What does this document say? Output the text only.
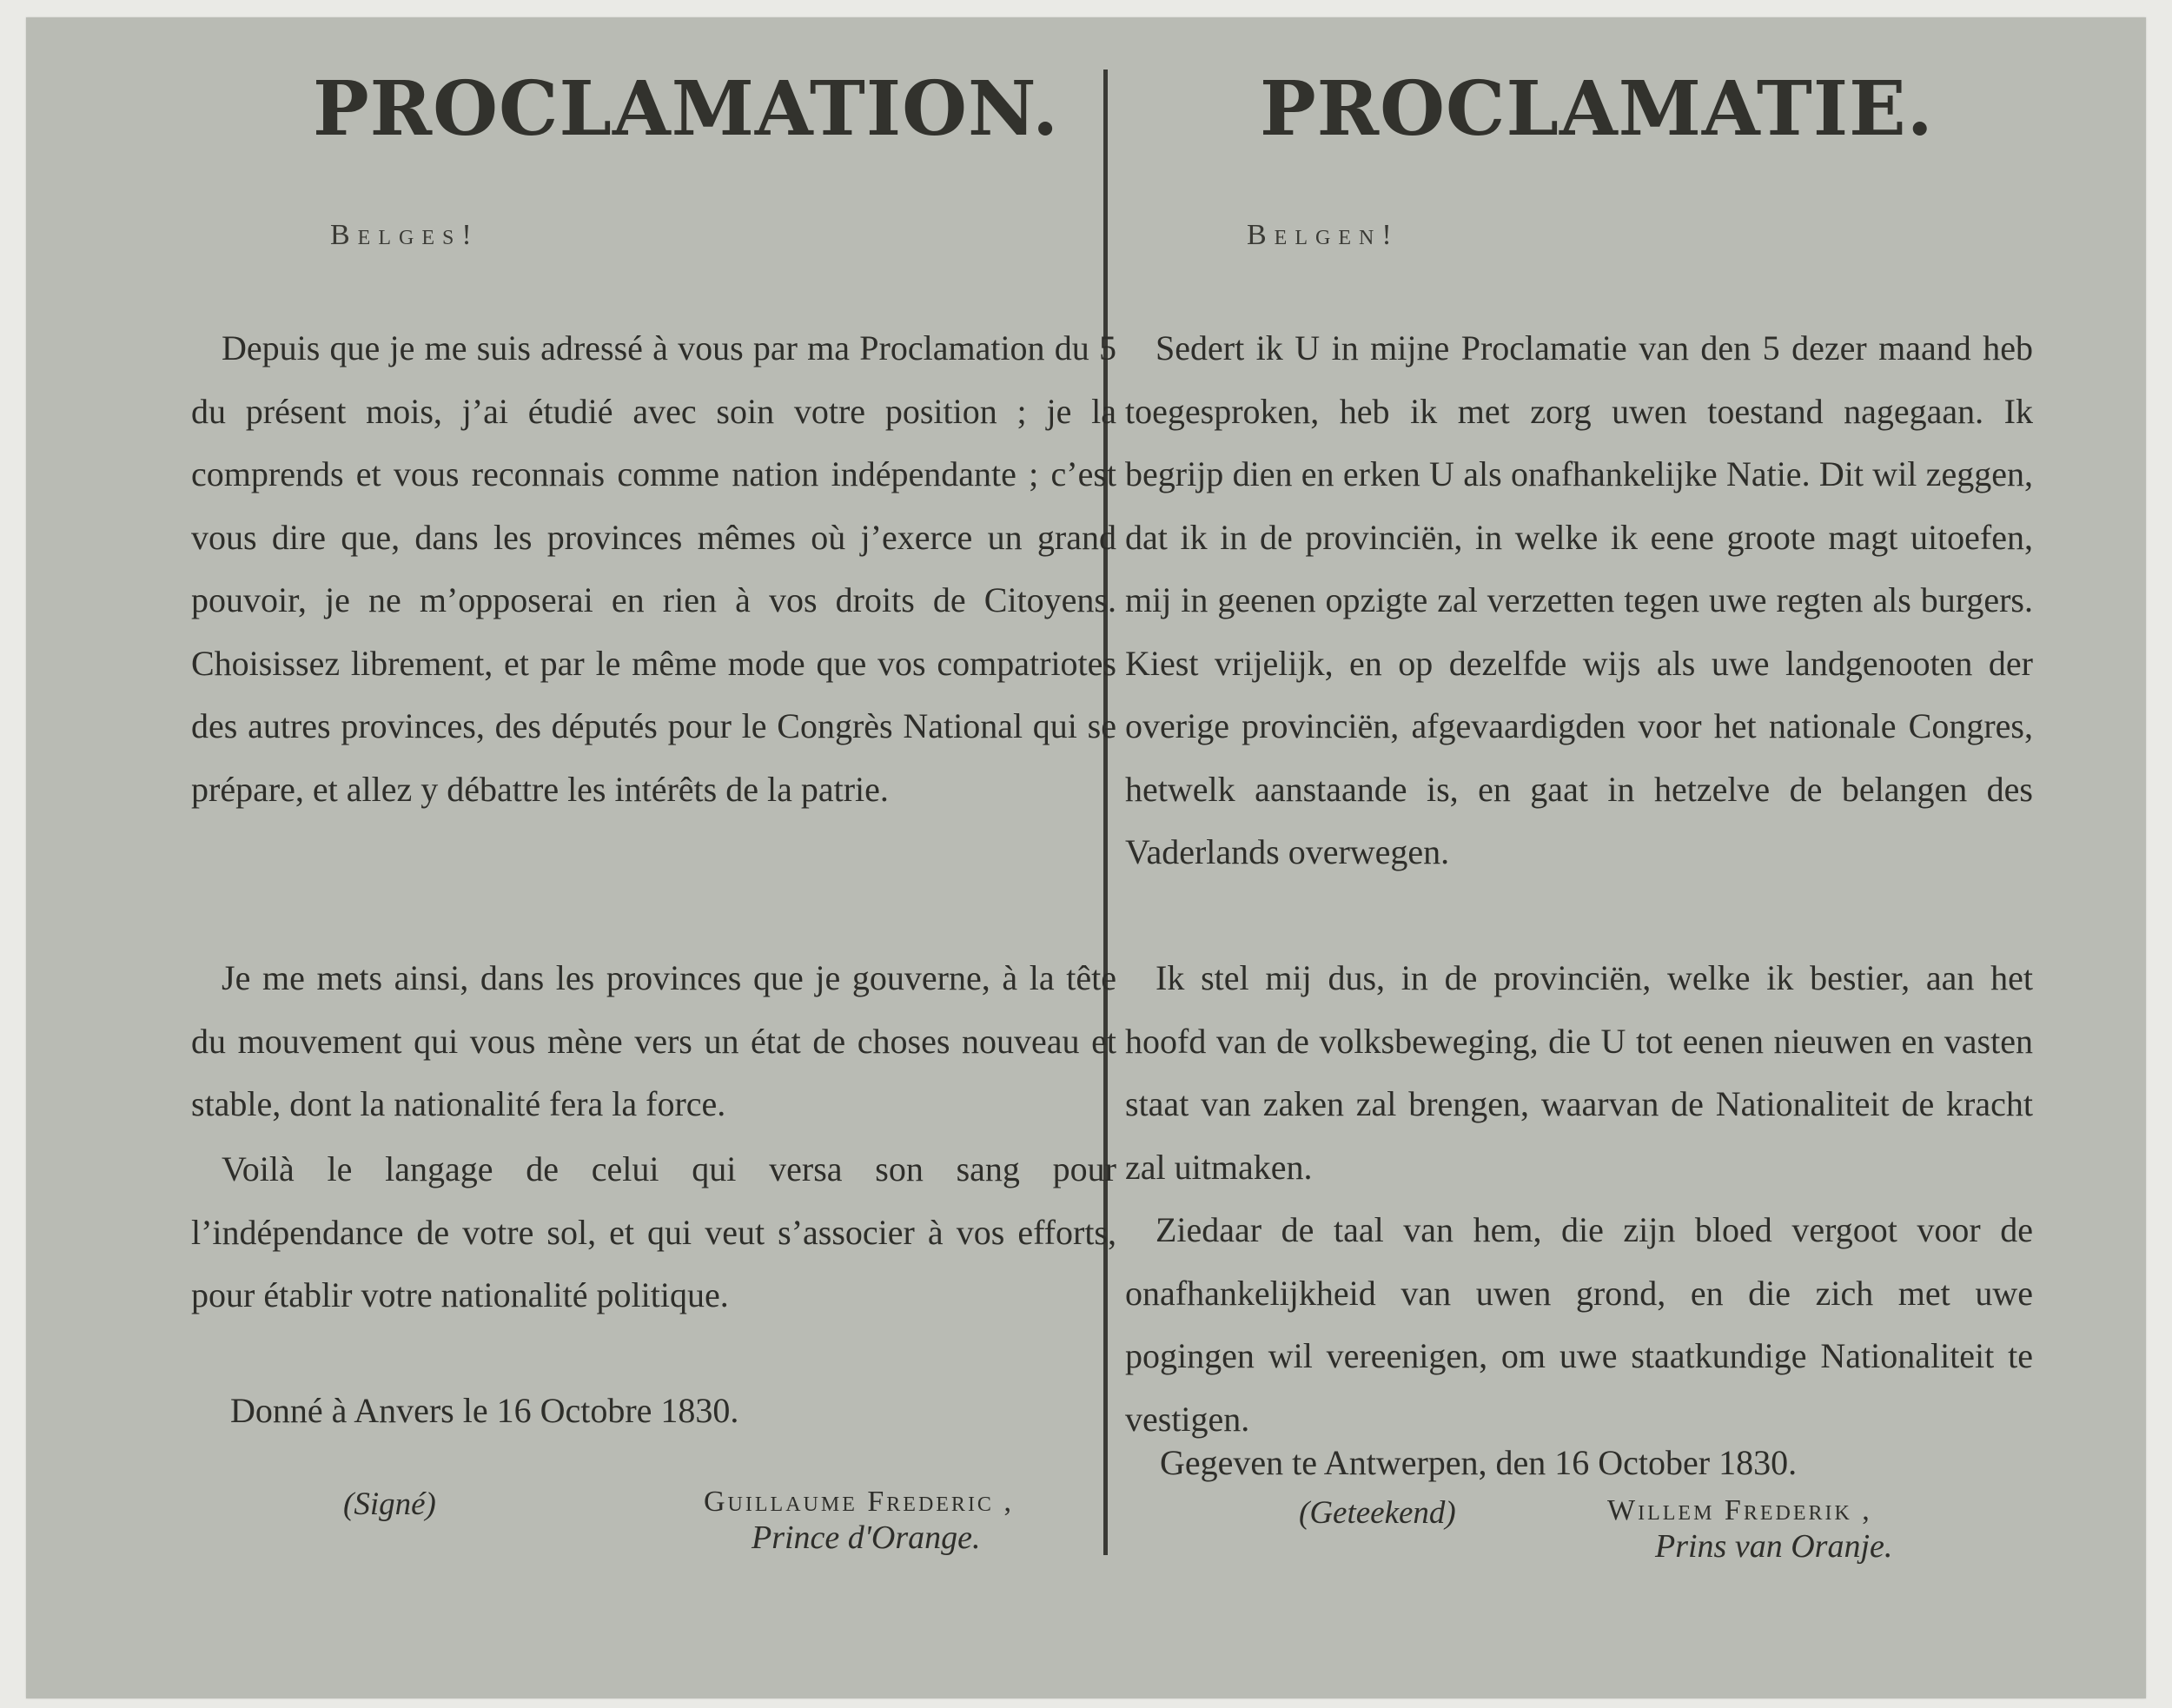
PROCLAMATION.
Belges!

Depuis que je me suis adressé à vous par ma Proclamation du 5 du présent mois, j’ai étudié avec soin votre position ; je la comprends et vous reconnais comme nation indépendante ; c’est vous dire que, dans les provinces mêmes où j’exerce un grand pouvoir, je ne m’opposerai en rien à vos droits de Citoyens. Choisissez librement, et par le même mode que vos compatriotes des autres provinces, des députés pour le Congrès National qui se prépare, et allez y débattre les intérêts de la patrie.

Je me mets ainsi, dans les provinces que je gouverne, à la tête du mouvement qui vous mène vers un état de choses nouveau et stable, dont la nationalité fera la force.

Voilà le langage de celui qui versa son sang pour l’indépendance de votre sol, et qui veut s’associer à vos efforts, pour établir votre nationalité politique.

Donné à Anvers le 16 Octobre 1830.
(Signé)	Guillaume Frederic ,
Prince d'Orange.
PROCLAMATIE.
Belgen!

Sedert ik U in mijne Proclamatie van den 5 dezer maand heb toegesproken, heb ik met zorg uwen toestand nagegaan. Ik begrijp dien en erken U als onafhankelijke Natie. Dit wil zeggen, dat ik in de provinciën, in welke ik eene groote magt uitoefen, mij in geenen opzigte zal verzetten tegen uwe regten als burgers. Kiest vrijelijk, en op dezelfde wijs als uwe landgenooten der overige provinciën, afgevaardigden voor het nationale Congres, hetwelk aanstaande is, en gaat in hetzelve de belangen des Vaderlands overwegen.

Ik stel mij dus, in de provinciën, welke ik bestier, aan het hoofd van de volksbeweging, die U tot eenen nieuwen en vasten staat van zaken zal brengen, waarvan de Nationaliteit de kracht zal uitmaken.

Ziedaar de taal van hem, die zijn bloed vergoot voor de onafhankelijkheid van uwen grond, en die zich met uwe pogingen wil vereenigen, om uwe staatkundige Nationaliteit te vestigen.

Gegeven te Antwerpen, den 16 October 1830.
(Geteekend)	Willem Frederik ,
Prins van Oranje.
